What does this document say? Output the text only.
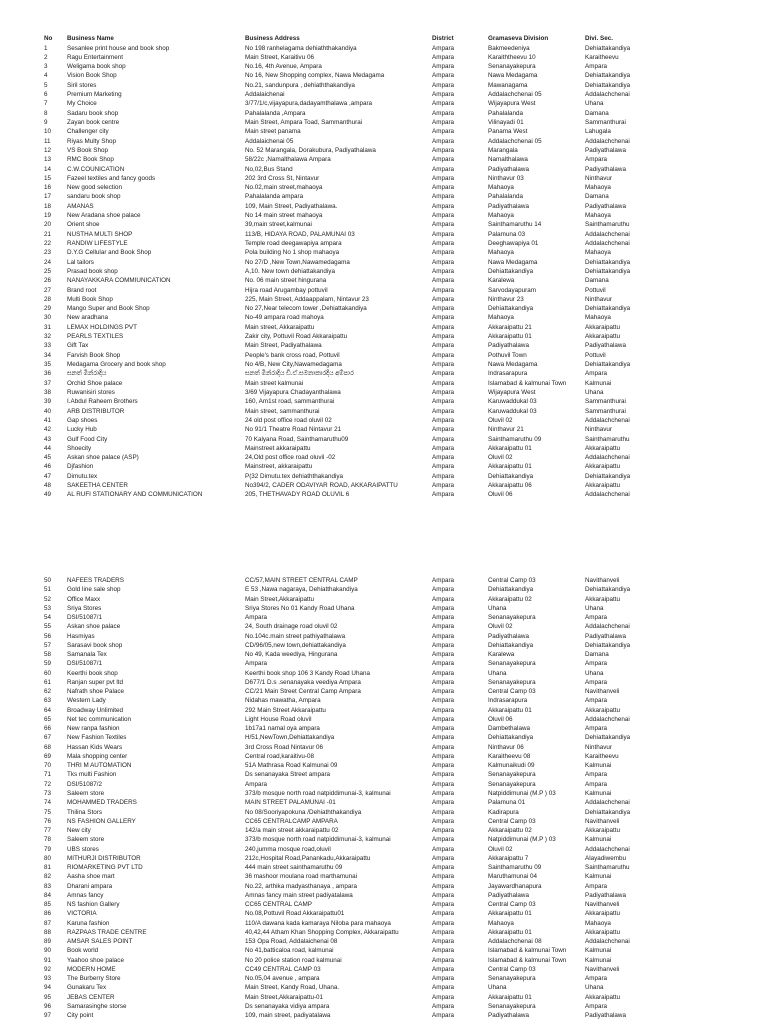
No	Business Name	Business Address	District	Gramaseva Division	Divi. Sec.
1	Sesanlee print house and book shop	No 198 ranhelagama dehiaththakandiya	Ampara	Bakmeedeniya	Dehiattakandiya
2	Ragu Entertainment	Main Street, Karaitivu 06	Ampara	Karaiththeevu 10	Karaitheevu
3	Weligama book shop	No.16, 4th Avenue, Ampara	Ampara	Senanayakepura	Ampara
4	Vision Book Shop	No 16, New Shopping complex, Nawa Medagama	Ampara	Nawa Medagama	Dehiattakandiya
5	Siril stores	No.21, sandunpura , dehiaththakandiya	Ampara	Mawanagama	Dehiattakandiya
6	Premium Marketing	Addalaichenai	Ampara	Addalachchenai 05	Addalachchenai
7	My Choice	3/77/1/c,vijayapura,dadayamthalawa ,ampara	Ampara	Wijayapura West	Uhana
8	Sadaru book shop	Pahalalanda ,Ampara	Ampara	Pahalalanda	Damana
9	Zayan book centre	Main Street, Ampara Toad, Sammanthurai	Ampara	Vilinayadi 01	Sammanthurai
10	Challenger city	Main street panama	Ampara	Panama West	Lahugala
11	Riyas Multy Shop	Addalaichenai 05	Ampara	Addalachchenai 05	Addalachchenai
12	VS Book Shop	No. 52 Marangala, Dorakubura, Padiyathalawa	Ampara	Marangala	Padiyathalawa
13	RMC Book Shop	58/22c ,Namalthalawa Ampara	Ampara	Namalthalawa	Ampara
14	C.W.COUNICATION	No,02,Bus Stand	Ampara	Padiyathalawa	Padiyathalawa
15	Fazeel textiles and fancy goods	202 3rd Cross St, Nintavur	Ampara	Ninthavur 03	Ninthavur
16	New good selection	No.02,main street,mahaoya	Ampara	Mahaoya	Mahaoya
17	sandaru book shop	Pahalalanda ampara	Ampara	Pahalalanda	Damana
18	AMANAS	109, Main Street, Padiyathalawa.	Ampara	Padiyathalawa	Padiyathalawa
19	New Aradana shoe palace	No 14 main street mahaoya	Ampara	Mahaoya	Mahaoya
20	Orient shoe	39,main street,kalmunai	Ampara	Sainthamaruthu 14	Sainthamaruthu
21	NUSTHA MULTI SHOP	113/B, HIDAYA ROAD, PALAMUNAI 03	Ampara	Palamuna 03	Addalachchenai
22	RANDIW LIFESTYLE	Temple road deegawapiya ampara	Ampara	Deeghawapiya 01	Addalachchenai
23	D.Y.G Cellular and Book Shop	Pola building No 1 shop mahaoya	Ampara	Mahaoya	Mahaoya
24	Lal tailors	No 27/D ,New Town,Nawamedagama	Ampara	Nawa Medagama	Dehiattakandiya
25	Prasad book shop	A,10. New town dehiattakandiya	Ampara	Dehiattakandiya	Dehiattakandiya
26	NANAYAKKARA COMMIUNICATION	No. 06 main street hingurana	Ampara	Karalewa	Damana
27	Brand root	Hijra road Arugambay pottuvil	Ampara	Sarvodayapuram	Pottuvil
28	Multi Book Shop	225, Main Street, Addaappalam, Nintavur 23	Ampara	Ninthavur 23	Ninthavur
29	Mango Super and Book Shop	No 27,Near telecom tower ,Dehiattakandiya	Ampara	Dehiattakandiya	Dehiattakandiya
30	New aradhana	No-49 ampara road mahoya	Ampara	Mahaoya	Mahaoya
31	LEMAX HOLDINGS PVT	Main street, Akkaraipattu	Ampara	Akkaraipattu 21	Akkaraipattu
32	PEARLS TEXTILES	Zakir city, Pottuvil Road Akkaraipattu	Ampara	Akkaraipattu 01	Akkaraipattu
33	Gift Tax	Main Street, Padiyathalawa	Ampara	Padiyathalawa	Padiyathalawa
34	Farvish Book Shop	People's bank cross road, Pottuvil	Ampara	Pothuvil Town	Pottuvil
35	Medagama Grocery and book shop	No 4/B, New City,Nawamedagama	Ampara	Nawa Medagama	Dehiattakandiya
36	සනත් මින්රාදිය	සනත් මින්රාදිය ඩී.ඒ.සමනාකාරදීය අම්පාර	Ampara	Indrasarapura	Ampara
37	Orchid Shoe palace	Main street kalmunai	Ampara	Islamabad & kalmunai Town	Kalmunai
38	Ruwanisiri stores	3/69 Vijayapura Chadayanthalawa	Ampara	Wijayapura West	Uhana
39	I.Abdul Raheem Brothers	160, Am1st road, sammanthurai	Ampara	Karuwaddukal 03	Sammanthurai
40	ARB DISTRIBUTOR	Main street, sammanthurai	Ampara	Karuwaddukal 03	Sammanthurai
41	Gap shoes	24 old post office road oluvil 02	Ampara	Oluvil 02	Addalachchenai
42	Lucky Hub	No 91/1 Theatre Road Nintavur 21	Ampara	Ninthavur 21	Ninthavur
43	Gulf Food City	70 Kalyana Road, Sainthamaruthu09	Ampara	Sainthamaruthu 09	Sainthamaruthu
44	Shoecity	Mainstreet akkaraipattu	Ampara	Akkaraipattu 01	Akkaraipattu
45	Askan shoe palace (ASP)	24,Old post office road oluvil -02	Ampara	Oluvil 02	Addalachchenai
46	Djfashion	Mainstreet, akkaraipattu	Ampara	Akkaraipattu 01	Akkaraipattu
47	Dimutu.tex	P(32 Dimutu.tex dehiaththakandiya	Ampara	Dehiattakandiya	Dehiattakandiya
48	SAKEETHA CENTER	No394/2, CADER ODAVIYAR ROAD, AKKARAIPATTU	Ampara	Akkaraipattu 06	Akkaraipattu
49	AL RUFI STATIONARY AND COMMUNICATION	205, THETHAVADY ROAD OLUVIL 6	Ampara	Oluvil 06	Addalachchenai
50	NAFEES TRADERS	CC/57,MAIN STREET CENTRAL CAMP	Ampara	Central Camp 03	Navithanveli
51	Gold line sale shop	E 53 ,Nawa nagaraya, Dehiatthakandiya	Ampara	Dehiattakandiya	Dehiattakandiya
52	Office Maxx	Main Street,Akkaraipattu	Ampara	Akkaraipattu 02	Akkaraipattu
53	Sriya Stores	Sriya Stores No 01 Kandy Road Uhana	Ampara	Uhana	Uhana
54	DSI/51087/1	Ampara	Ampara	Senanayakepura	Ampara
55	Askan shoe palace	24, South drainage road oluvil 02	Ampara	Oluvil 02	Addalachchenai
56	Hasmiyas	No.104c.main street pathiyathalawa	Ampara	Padiyathalawa	Padiyathalawa
57	Sarasavi book shop	CD/96/05,new town,dehiattakandiya	Ampara	Dehiattakandiya	Dehiattakandiya
58	Samanala Tex	No 49, Kada weediya, Hingurana	Ampara	Karalewa	Damana
59	DSI/51087/1	Ampara	Ampara	Senanayakepura	Ampara
60	Keerthi book shop	Keerthi book shop 106 3 Kandy Road Uhana	Ampara	Uhana	Uhana
61	Ranjan super pvt ltd	D677/1 D.s .senanayaka veediya Ampara	Ampara	Senanayakepura	Ampara
62	Nafrath shoe Palace	CC/21 Main Street Central Camp Ampara	Ampara	Central Camp 03	Navithanveli
63	Western Lady	Nidahas mawatha, Ampara	Ampara	Indrasarapura	Ampara
64	Broadway Unlimited	292 Main Street Akkaraipattu	Ampara	Akkaraipattu 01	Akkaraipattu
65	Net tec communication	Light House Road oluvil	Ampara	Oluvil 06	Addalachchenai
66	New ranpa fashion	1b17a1 namal oya ampara	Ampara	Dambethalawa	Ampara
67	New Fashion Textiles	H/51,NewTown,Dehiattakandiya	Ampara	Dehiattakandiya	Dehiattakandiya
68	Hassan Kids Wears	3rd Cross Road Nintavur 06	Ampara	Ninthavur 06	Ninthavur
69	Mala shopping center	Central road,karaitivu-08	Ampara	Karaitheevu 08	Karaitheevu
70	THRI M AUTOMATION	51A Mathrasa Road Kalmunai 09	Ampara	Kalmunaikudi 09	Kalmunai
71	Tks multi Fashion	Ds senanayaka Street ampara	Ampara	Senanayakepura	Ampara
72	DSI/51087/2	Ampara	Ampara	Senanayakepura	Ampara
73	Saleem store	373/b mosque north road natpiddimunai-3, kalmunai	Ampara	Natpiddimunai (M.P ) 03	Kalmunai
74	MOHAMMED TRADERS	MAIN STREET PALAMUNAI -01	Ampara	Palamuna 01	Addalachchenai
75	Thilina Stors	No 08/Sooriyapokuna /Dehiaththakandiya	Ampara	Kadirapura	Dehiattakandiya
76	NS FASHION GALLERY	CC65 CENTRALCAMP AMPARA	Ampara	Central Camp 03	Navithanveli
77	New city	142/a main street akkaraipattu 02	Ampara	Akkaraipattu 02	Akkaraipattu
78	Saleem store	373/b mosque north road natpiddimunai-3, kalmunai	Ampara	Natpiddimunai (M.P ) 03	Kalmunai
79	UBS stores	240,jumma mosque road,oluvil	Ampara	Oluvil 02	Addalachchenai
80	MITHURJI DISTRIBUTOR	212c,Hospital Road,Panankadu,Akkaraipattu	Ampara	Akkaraipattu 7	Alayadiwembu
81	RIOMARKETING PVT LTD	444 main street sainthamaruthu 09	Ampara	Sainthamaruthu 09	Sainthamaruthu
82	Aasha shoe mart	36 mashoor moulana road marthamunai	Ampara	Maruthamunai 04	Kalmunai
83	Dharani ampara	No.22, arthika madyasthanaya , ampara	Ampara	Jayawardhanapura	Ampara
84	Amnas fancy	Amnas fancy main street padiyatalawa	Ampara	Padiyathalawa	Padiyathalawa
85	NS fashion Gallery	CC65 CENTRAL CAMP	Ampara	Central Camp 03	Navithanveli
86	VICTORIA	No.08,Pottuvil Road Akkaraipattu01	Ampara	Akkaraipattu 01	Akkaraipattu
87	Karuna fashion	110/A dawana kada kamaraya Niloba para mahaoya	Ampara	Mahaoya	Mahaoya
88	RAZPAAS TRADE CENTRE	40,42,44 Atham Khan Shopping Complex, Akkaraipattu	Ampara	Akkaraipattu 01	Akkaraipattu
89	AMSAR SALES POINT	153 Opa Road, Addalaichenai 08	Ampara	Addalachchenai 08	Addalachchenai
90	Book world	No 41,batticaloa road, kalmunai	Ampara	Islamabad & kalmunai Town	Kalmunai
91	Yaahoo shoe palace	No 20 police station road kalmunai	Ampara	Islamabad & kalmunai Town	Kalmunai
92	MODERN HOME	CC49 CENTRAL CAMP 03	Ampara	Central Camp 03	Navithanveli
93	The Burberry Store	No.05,04 avenue , ampara	Ampara	Senanayakepura	Ampara
94	Gunakaru Tex	Main Street, Kandy Road, Uhana.	Ampara	Uhana	Uhana
95	JEBAS CENTER	Main Street,Akkaraipattu-01	Ampara	Akkaraipattu 01	Akkaraipattu
96	Samarasinghe storse	Ds senanayaka vidiya ampara	Ampara	Senanayakepura	Ampara
97	City point	109, main street, padiyatalawa	Ampara	Padiyathalawa	Padiyathalawa
